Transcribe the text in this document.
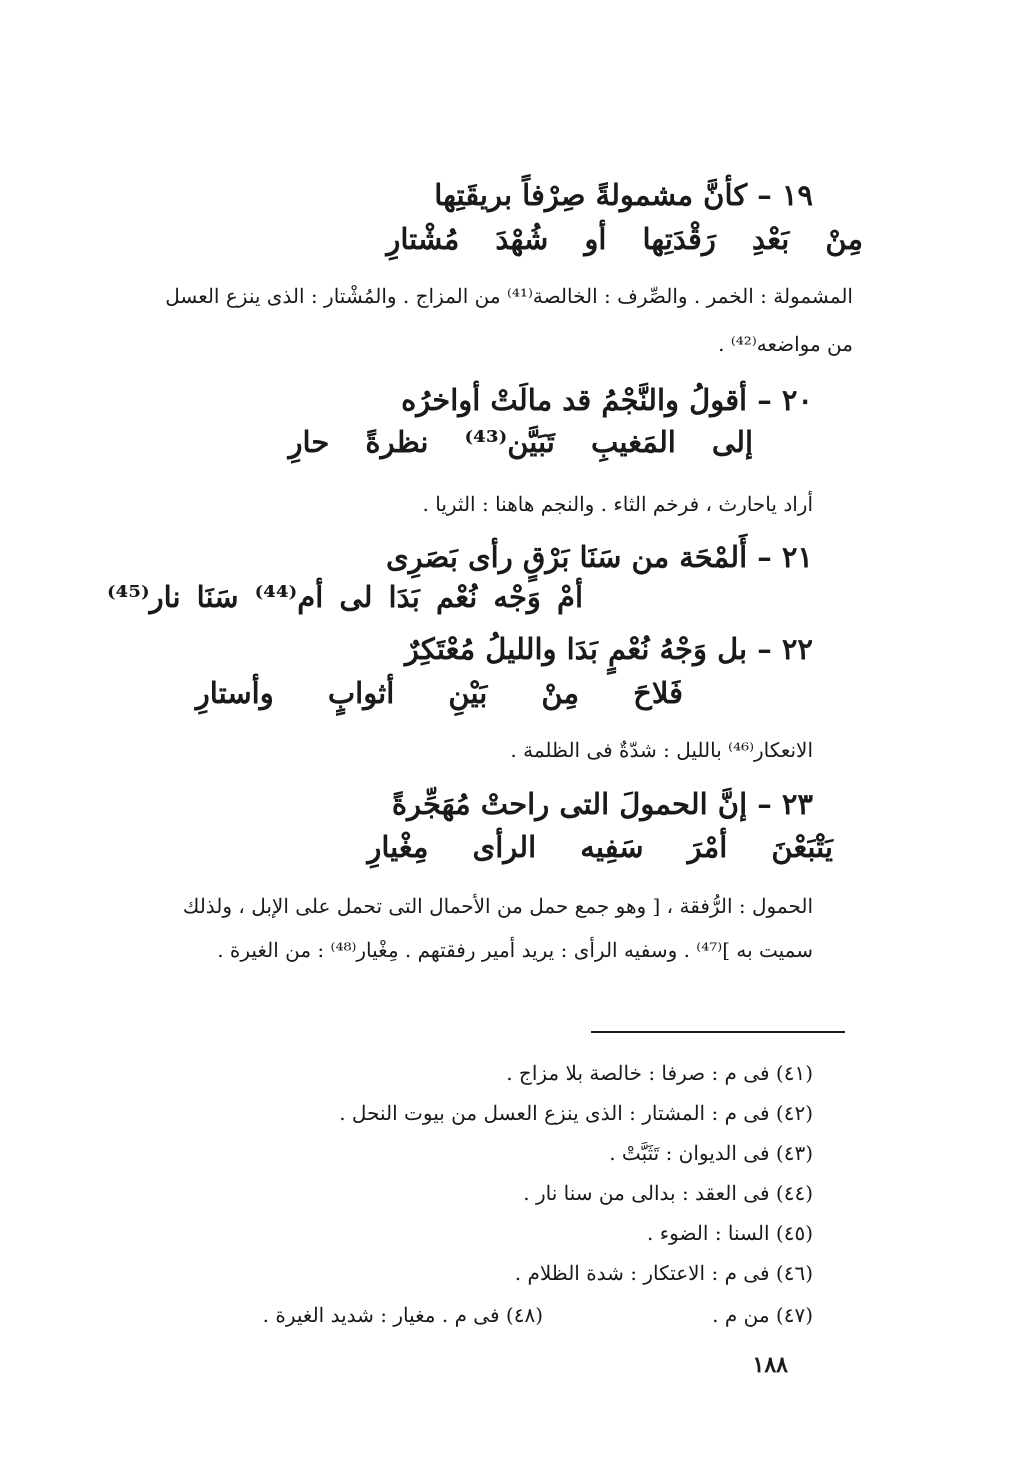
١٩ – كأنَّ مشمولةً صِرْفاً بريقَتِها
مِنْ بَعْدِ رَقْدَتِها أو شُهْدَ مُشْتارِ
المشمولة : الخمر . والصِّرف : الخالصة⁽⁴¹⁾ من المزاج . والمُشْتار : الذى ينزع العسل
من مواضعه⁽⁴²⁾ .
٢٠ – أقولُ والنَّجْمُ قد مالَتْ أواخرُه
إلى المَغيبِ تَبَيَّن⁽⁴³⁾ نظرةً حارِ
أراد ياحارث ، فرخم الثاء . والنجم هاهنا : الثريا .
٢١ – أَلمْحَة من سَنَا بَرْقٍ رأى بَصَرِى
أمْ وَجْه نُعْم بَدَا لى أم⁽⁴⁴⁾ سَنَا نار⁽⁴⁵⁾
٢٢ – بل وَجْهُ نُعْمٍ بَدَا والليلُ مُعْتَكِرٌ
فَلاحَ مِنْ بَيْنِ أثوابٍ وأستارِ
الانعكار⁽⁴⁶⁾ بالليل : شدّةٌ فى الظلمة .
٢٣ – إنَّ الحمولَ التى راحتْ مُهَجِّرةً
يَتْبَعْنَ أمْرَ سَفِيه الرأى مِغْيارِ
الحمول : الرُّفقة ، [ وهو جمع حمل من الأحمال التى تحمل على الإبل ، ولذلك
سميت به ]⁽⁴⁷⁾ . وسفيه الرأى : يريد أمير رفقتهم . مِغْيار⁽⁴⁸⁾ : من الغيرة .
(٤١) فى م : صرفا : خالصة بلا مزاج .
(٤٢) فى م : المشتار : الذى ينزع العسل من بيوت النحل .
(٤٣) فى الديوان : تَثَبَّتْ .
(٤٤) فى العقد : بدالى من سنا نار .
(٤٥) السنا : الضوء .
(٤٦) فى م : الاعتكار : شدة الظلام .
(٤٧) من م .
(٤٨) فى م . مغيار : شديد الغيرة .
١٨٨
